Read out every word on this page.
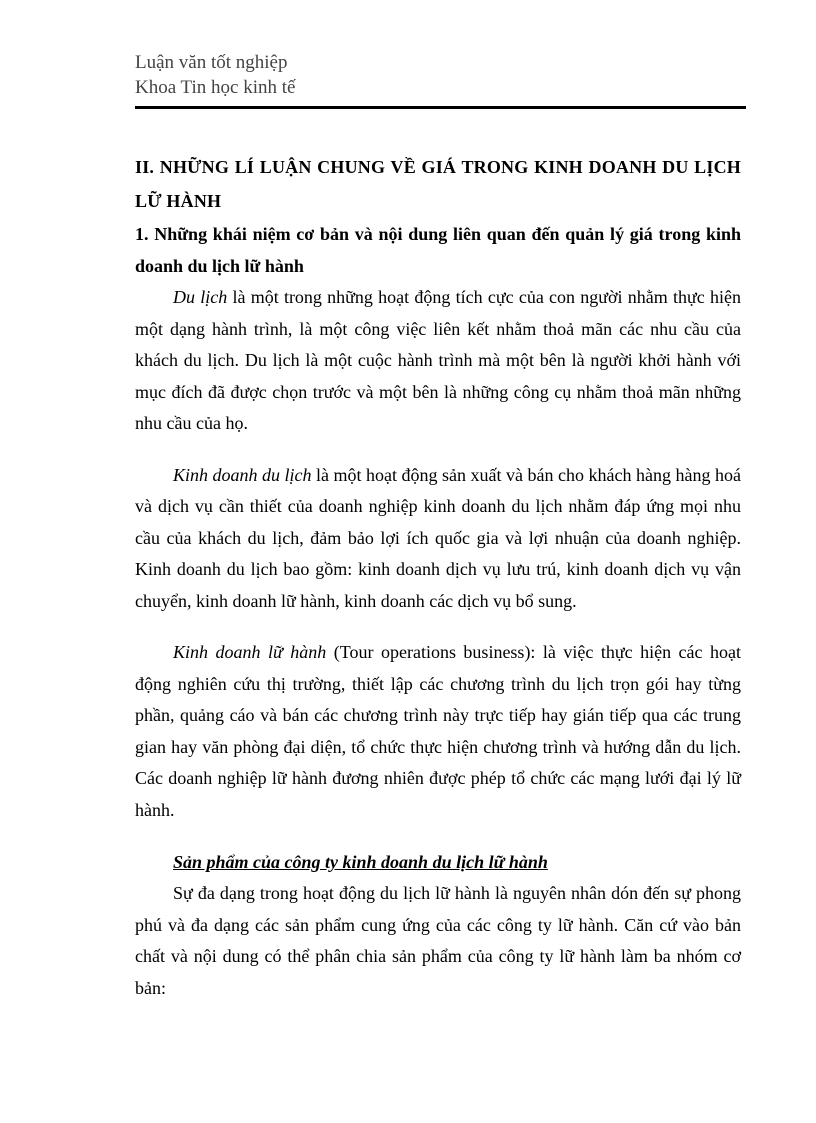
Luận văn tốt nghiệp
Khoa Tin học kinh tế

II. NHỮNG LÍ LUẬN CHUNG VỀ GIÁ TRONG KINH DOANH DU LỊCH LỮ HÀNH

1. Những khái niệm cơ bản và nội dung liên quan đến quản lý giá trong kinh doanh du lịch lữ hành

Du lịch là một trong những hoạt động tích cực của con người nhằm thực hiện một dạng hành trình, là một công việc liên kết nhằm thoả mãn các nhu cầu của khách du lịch. Du lịch là một cuộc hành trình mà một bên là người khởi hành với mục đích đã được chọn trước và một bên là những công cụ nhằm thoả mãn những nhu cầu của họ.

Kinh doanh du lịch là một hoạt động sản xuất và bán cho khách hàng hàng hoá và dịch vụ cần thiết của doanh nghiệp kinh doanh du lịch nhằm đáp ứng mọi nhu cầu của khách du lịch, đảm bảo lợi ích quốc gia và lợi nhuận của doanh nghiệp. Kinh doanh du lịch bao gồm: kinh doanh dịch vụ lưu trú, kinh doanh dịch vụ vận chuyển, kinh doanh lữ hành, kinh doanh các dịch vụ bổ sung.

Kinh doanh lữ hành (Tour operations business): là việc thực hiện các hoạt động nghiên cứu thị trường, thiết lập các chương trình du lịch trọn gói hay từng phần, quảng cáo và bán các chương trình này trực tiếp hay gián tiếp qua các trung gian hay văn phòng đại diện, tổ chức thực hiện chương trình và hướng dẫn du lịch. Các doanh nghiệp lữ hành đương nhiên được phép tổ chức các mạng lưới đại lý lữ hành.

Sản phẩm của công ty kinh doanh du lịch lữ hành

Sự đa dạng trong hoạt động du lịch lữ hành là nguyên nhân dón đến sự phong phú và đa dạng các sản phẩm cung ứng của các công ty lữ hành. Căn cứ vào bản chất và nội dung có thể phân chia sản phẩm của công ty lữ hành làm ba nhóm cơ bản:
